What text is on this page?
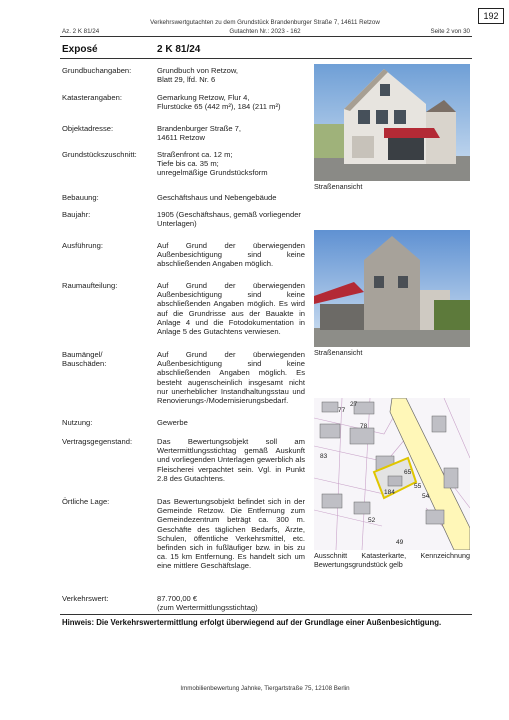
192
Verkehrswertgutachten zu dem Grundstück Brandenburger Straße 7, 14611 Retzow
Az. 2 K 81/24	Gutachten Nr.: 2023 - 162	Seite 2 von 30
Exposé	2 K 81/24
Grundbuchangaben:	Grundbuch von Retzow,
Blatt 29, lfd. Nr. 6
Katasterangaben:	Gemarkung Retzow, Flur 4,
Flurstücke 65 (442 m²), 184 (211 m²)
Objektadresse:	Brandenburger Straße 7,
14611 Retzow
Grundstückszuschnitt:	Straßenfront ca. 12 m;
Tiefe bis ca. 35 m;
unregelmäßige Grundstücksform
Bebauung:	Geschäftshaus und Nebengebäude
Baujahr:	1905 (Geschäftshaus, gemäß vorliegender Unterlagen)
Ausführung:	Auf Grund der überwiegenden Außenbesichtigung sind keine abschließenden Angaben möglich.
Raumaufteilung:	Auf Grund der überwiegenden Außenbesichtigung sind keine abschließenden Angaben möglich. Es wird auf die Grundrisse aus der Bauakte in Anlage 4 und die Fotodokumentation in Anlage 5 des Gutachtens verwiesen.
Baumängel/
Bauschäden:
Auf Grund der überwiegenden Außenbesichtigung sind keine abschließenden Angaben möglich. Es besteht augenscheinlich insgesamt nicht nur unerheblicher Instandhaltungsstau und Renovierungs-/Modernisierungsbedarf.
Nutzung:	Gewerbe
Vertragsgegenstand:	Das Bewertungsobjekt soll am Wertermittlungsstichtag gemäß Auskunft und vorliegenden Unterlagen gewerblich als Fleischerei verpachtet sein. Vgl. in Punkt 2.8 des Gutachtens.
Örtliche Lage:	Das Bewertungsobjekt befindet sich in der Gemeinde Retzow. Die Entfernung zum Gemeindezentrum beträgt ca. 300 m. Geschäfte des täglichen Bedarfs, Ärzte, Schulen, öffentliche Verkehrsmittel, etc. befinden sich in fußläufiger bzw. in bis zu ca. 15 km Entfernung. Es handelt sich um eine mittlere Geschäftslage.
Verkehrswert:	87.700,00 €
(zum Wertermittlungsstichtag)
Straßenansicht
Straßenansicht
77
78
83
65
184
55
54
52
49
27
Ausschnitt Katasterkarte, Kennzeichnung Bewertungsgrundstück gelb
Hinweis: Die Verkehrswertermittlung erfolgt überwiegend auf der Grundlage einer Außenbesichtigung.
Immobilienbewertung Jahnke, Tiergartstraße 75, 12108 Berlin
